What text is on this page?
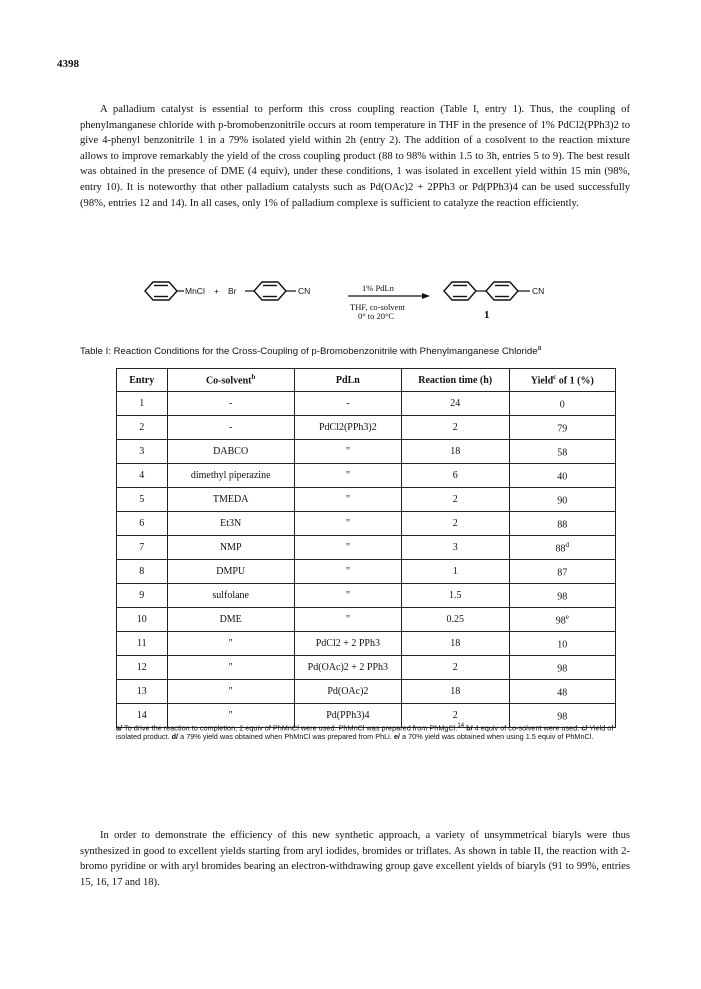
4398

A palladium catalyst is essential to perform this cross coupling reaction (Table I, entry 1). Thus, the coupling of phenylmanganese chloride with p-bromobenzonitrile occurs at room temperature in THF in the presence of 1% PdCl2(PPh3)2 to give 4-phenyl benzonitrile 1 in a 79% isolated yield within 2h (entry 2). The addition of a cosolvent to the reaction mixture allows to improve remarkably the yield of the cross coupling product (88 to 98% within 1.5 to 3h, entries 5 to 9). The best result was obtained in the presence of DME (4 equiv), under these conditions, 1 was isolated in excellent yield within 15 min (98%, entry 10). It is noteworthy that other palladium catalysts such as Pd(OAc)2 + 2PPh3 or Pd(PPh3)4 can be used successfully (98%, entries 12 and 14). In all cases, only 1% of palladium complexe is sufficient to catalyze the reaction efficiently.

MnCl + Br	CN	1% PdLn
THF, co-solvent
0° to 20°C
CN
1
Table I: Reaction Conditions for the Cross-Coupling of p-Bromobenzonitrile with Phenylmanganese Chloride$^a$
Entry	Co-solvent$^b$	PdLn	Reaction time (h)	Yield$^c$ of 1 (%)
1	-	-	24	0
2	-	PdCl2(PPh3)2	2	79
3	DABCO	"	18	58
4	dimethyl piperazine	"	6	40
5	TMEDA	"	2	90
6	Et3N	"	2	88
7	NMP	"	3	88$^d$
8	DMPU	"	1	87
9	sulfolane	"	1.5	98
10	DME	"	0.25	98e
11	"	PdCl2 + 2 PPh3	18	10
12	"	Pd(OAc)2 + 2 PPh3	2	98
13	"	Pd(OAc)2	18	48
14	"	Pd(PPh3)4	2	98

a/ To drive the reaction to completion, 2 equiv of PhMnCl were used. PhMnCl was prepared from PhMgCl.$^{14}$ b/ 4 equiv of co-solvent were used. c/ Yield of isolated product. d/ a 79% yield was obtained when PhMnCl was prepared from PhLi. e/ a 70% yield was obtained when using 1.5 equiv of PhMnCl.

In order to demonstrate the efficiency of this new synthetic approach, a variety of unsymmetrical biaryls were thus synthesized in good to excellent yields starting from aryl iodides, bromides or triflates. As shown in table II, the reaction with 2-bromo pyridine or with aryl bromides bearing an electron-withdrawing group gave excellent yields of biaryls (91 to 99%, entries 15, 16, 17 and 18).
